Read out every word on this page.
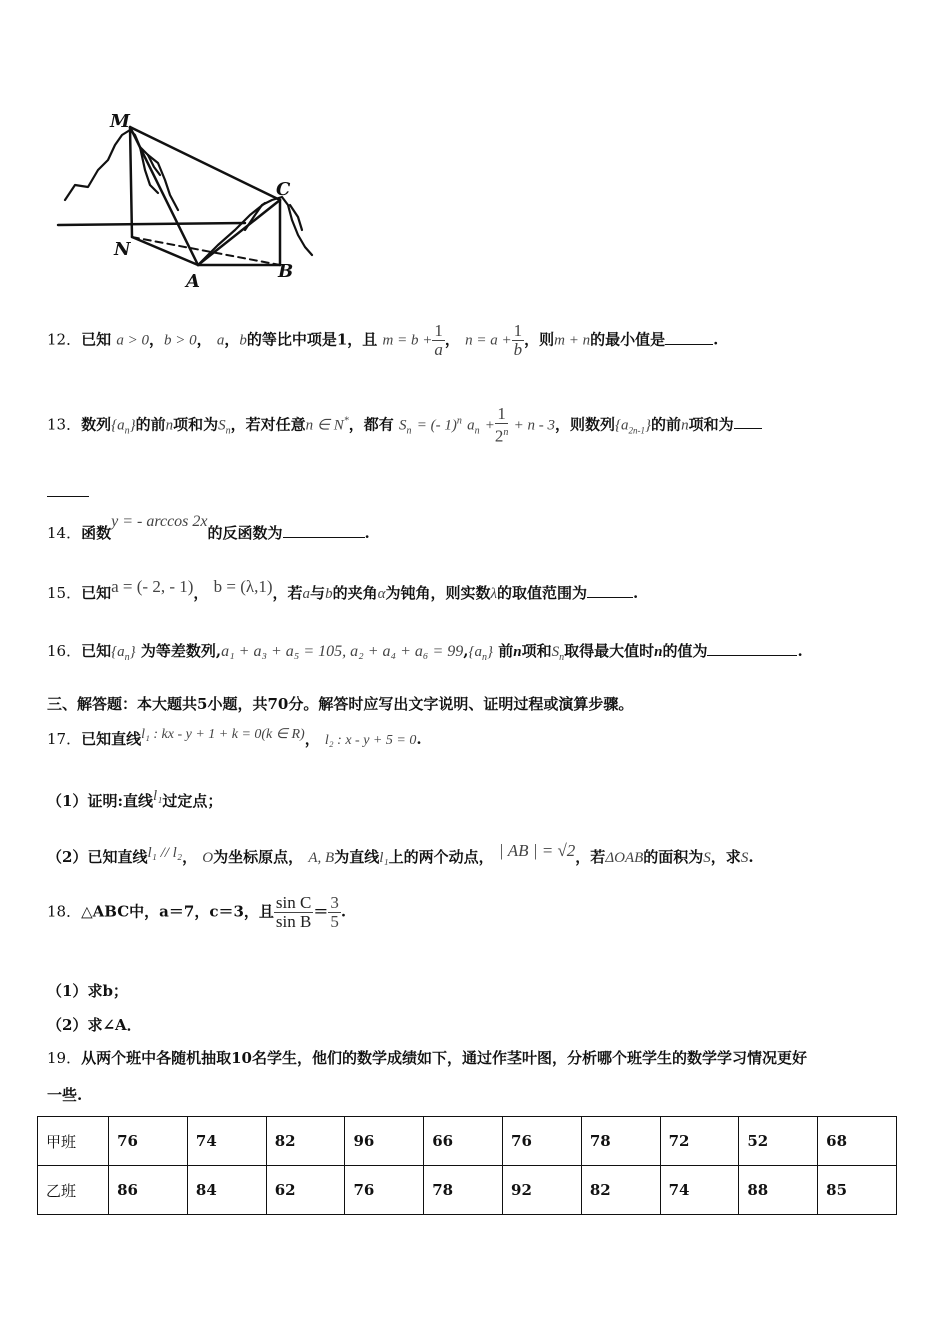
M
C
N
A	B
12．已知 a > 0，b > 0， a，b的等比中项是1，且 $m = b + \frac{1}{a}$ ， $n = a + \frac{1}{b}$ ，则m + n的最小值是	.
13．数列$\{a_n\}$的前n项和为$S_n$，若对任意n ∈ N*，都有 $S_n$ = (- 1)$^n$ $a_n + \frac{1}{2^n} + n - 3$，则数列$\{a_{2n-1}\}$的前n项和为
14．函数y = - arccos 2x的反函数为	.
15．已知a = (- 2, - 1)， b = (λ,1)，若a与b的夹角α为钝角，则实数λ的取值范围为	.
16．已知$\{a_n\}$ 为等差数列,a₁ + a₃ + a₅ = 105, $a_2 + a_4 + a_6 = 99,\{a_n\}$ 前n项和$S_n$取得最大值时n的值为	.
三、解答题：本大题共5小题，共70分。解答时应写出文字说明、证明过程或演算步骤。
17．已知直线l₁ : kx - y + 1 + k = 0(k ∈ R)， l₂ : x - y + 5 = 0.
（1）证明:直线l₁过定点；
（2）已知直线l₁ // l₂， O为坐标原点， A, B为直线l₁上的两个动点， | AB | = √2，若ΔOAB的面积为S，求S.
18．△ABC中，a＝7，c＝3，且 $\frac{\text{sin C}}{\text{sin B}} = \frac{3}{5}$ .
（1）求b；
（2）求∠A．
19．从两个班中各随机抽取10名学生，他们的数学成绩如下，通过作茎叶图，分析哪个班学生的数学学习情况更好
一些.
甲班	76	74	82	96	66	76	78	72	52	68
乙班	86	84	62	76	78	92	82	74	88	85
